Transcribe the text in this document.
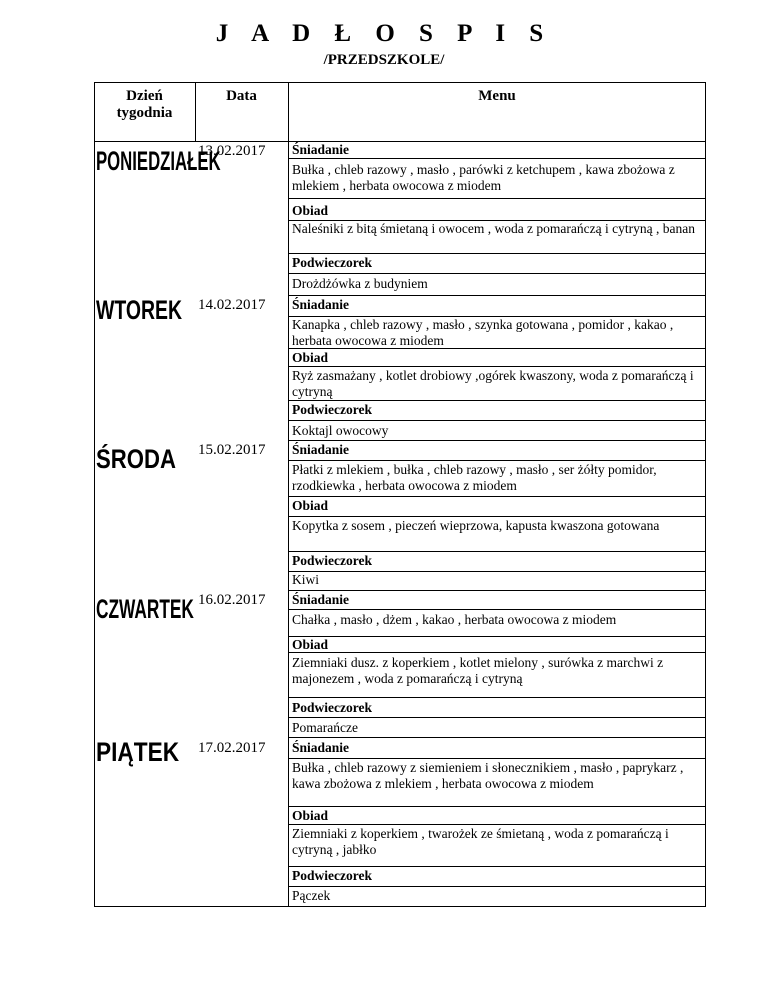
J A D Ł O S P I S
/PRZEDSZKOLE/
Dzień
tygodnia
Data	Menu
PONIEDZIAŁEK
13.02.2017	Śniadanie
Bułka , chleb razowy , masło , parówki z ketchupem , kawa zbożowa z mlekiem , herbata owocowa z miodem
Obiad
Naleśniki z bitą śmietaną i owocem , woda z pomarańczą i cytryną , banan
Podwieczorek
Drożdżówka z budyniem
WTOREK 14.02.2017	Śniadanie
Kanapka , chleb razowy , masło , szynka gotowana , pomidor , kakao , herbata owocowa z miodem
Obiad
Ryż zasmażany , kotlet drobiowy ,ogórek kwaszony, woda z pomarańczą i cytryną
Podwieczorek
Koktajl owocowy
ŚRODA 15.02.2017	Śniadanie
Płatki z mlekiem , bułka , chleb razowy , masło , ser żółty pomidor, rzodkiewka , herbata owocowa z miodem
Obiad
Kopytka z sosem , pieczeń wieprzowa, kapusta kwaszona gotowana
Podwieczorek
Kiwi
CZWARTEK 16.02.2017	Śniadanie
Chałka , masło , dżem , kakao , herbata owocowa z miodem
Obiad
Ziemniaki dusz. z koperkiem , kotlet mielony , surówka z marchwi z majonezem , woda z pomarańczą i cytryną
Podwieczorek
Pomarańcze
PIĄTEK 17.02.2017	Śniadanie
Bułka , chleb razowy z siemieniem i słonecznikiem , masło , paprykarz , kawa zbożowa z mlekiem , herbata owocowa z miodem
Obiad
Ziemniaki z koperkiem , twarożek ze śmietaną , woda z pomarańczą i cytryną , jabłko
Podwieczorek
Pączek
